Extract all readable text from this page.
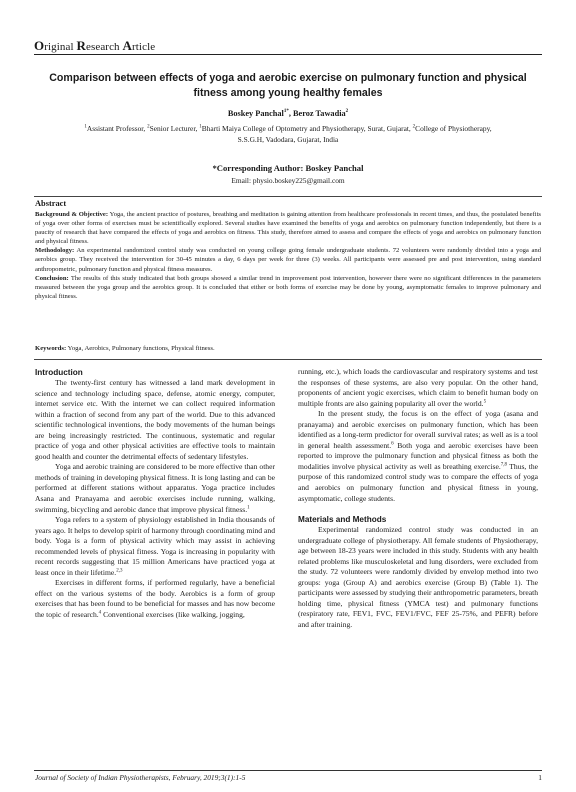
Original Research Article
Comparison between effects of yoga and aerobic exercise on pulmonary function and physical fitness among young healthy females
Boskey Panchal$^{1*}$, Beroz Tawadia$^2$
$^1$Assistant Professor, $^2$Senior Lecturer, $^1$Bharti Maiya College of Optometry and Physiotherapy, Surat, Gujarat, $^2$College of Physiotherapy,
S.S.G.H, Vadodara, Gujarat, India
*Corresponding Author: Boskey Panchal
Email: physio.boskey225@gmail.com
Abstract

Background & Objective: Yoga, the ancient practice of postures, breathing and meditation is gaining attention from healthcare professionals in recent times, and thus, the postulated benefits of yoga over other forms of exercises must be scientifically explored. Several studies have examined the benefits of yoga and aerobics on pulmonary function independently, but there is a paucity of research that have compared the effects of yoga and aerobics on fitness. This study, therefore aimed to assess and compare the effects of yoga and aerobics on pulmonary function and physical fitness.

Methodology: An experimental randomized control study was conducted on young college going female undergraduate students. 72 volunteers were randomly divided into a yoga and aerobics group. They received the intervention for 30-45 minutes a day, 6 days per week for three (3) weeks. All participants were assessed pre and post intervention, using standard anthropometric, pulmonary function and physical fitness measures.

Conclusion: The results of this study indicated that both groups showed a similar trend in improvement post intervention, however there were no significant differences in the parameters measured between the yoga group and the aerobics group. It is concluded that either or both forms of exercise may be done by young, asymptomatic females to improve pulmonary and physical fitness.

Keywords: Yoga, Aerobics, Pulmonary functions, Physical fitness.
Introduction

The twenty-first century has witnessed a land mark development in science and technology including space, defense, atomic energy, computer, internet service etc. With the internet we can collect required information within a fraction of second from any part of the world. Due to this advanced scientific technological inventions, the body movements of the human beings are being increasingly restricted. The continuous, systematic and regular practice of yoga and other physical activities are effective tools to maintain good health and counter the detrimental effects of sedentary lifestyles.

Yoga and aerobic training are considered to be more effective than other methods of training in developing physical fitness. It is long lasting and can be performed at different stations without apparatus. Yoga practice includes Asana and Pranayama and aerobic exercises include running, walking, swimming, bicycling and aerobic dance that improve physical fitness.$^1$

Yoga refers to a system of physiology established in India thousands of years ago. It helps to develop spirit of harmony through coordinating mind and body. Yoga is a form of physical activity which may assist in achieving recommended levels of physical fitness. Yoga is increasing in popularity with recent records suggesting that 15 million Americans have practiced yoga at least once in their lifetime.$^{2,3}$

Exercises in different forms, if performed regularly, have a beneficial effect on the various systems of the body. Aerobics is a form of group exercises that has been found to be beneficial for masses and has now become the topic of research.$^4$ Conventional exercises (like walking, jogging,

running, etc.), which loads the cardiovascular and respiratory systems and test the responses of these systems, are also very popular. On the other hand, proponents of ancient yogic exercises, which claim to benefit human body on multiple fronts are also gaining popularity all over the world.$^5$

In the present study, the focus is on the effect of yoga (asana and pranayama) and aerobic exercises on pulmonary function, which has been identified as a long-term predictor for overall survival rates; as well as is a tool in general health assessment.$^6$ Both yoga and aerobic exercises have been reported to improve the pulmonary function and physical fitness as both the modalities involve physical activity as well as breathing exercise.$^{7,8}$ Thus, the purpose of this randomized control study was to compare the effects of yoga and aerobics on pulmonary function and physical fitness in young, asymptomatic, college students.

Materials and Methods

Experimental randomized control study was conducted in an undergraduate college of physiotherapy. All female students of Physiotherapy, age between 18-23 years were included in this study. Students with any health related problems like musculoskeletal and lung disorders, were excluded from the study. 72 volunteers were randomly divided by envelop method into two groups: yoga (Group A) and aerobics exercise (Group B) (Table 1). The participants were assessed by studying their anthropometric parameters, breath holding time, physical fitness (YMCA test) and pulmonary functions (respiratory rate, FEV1, FVC, FEV1/FVC, FEF 25-75%, and PEFR) before and after training.

Journal of Society of Indian Physiotherapists, February, 2019;3(1):1-5	1
